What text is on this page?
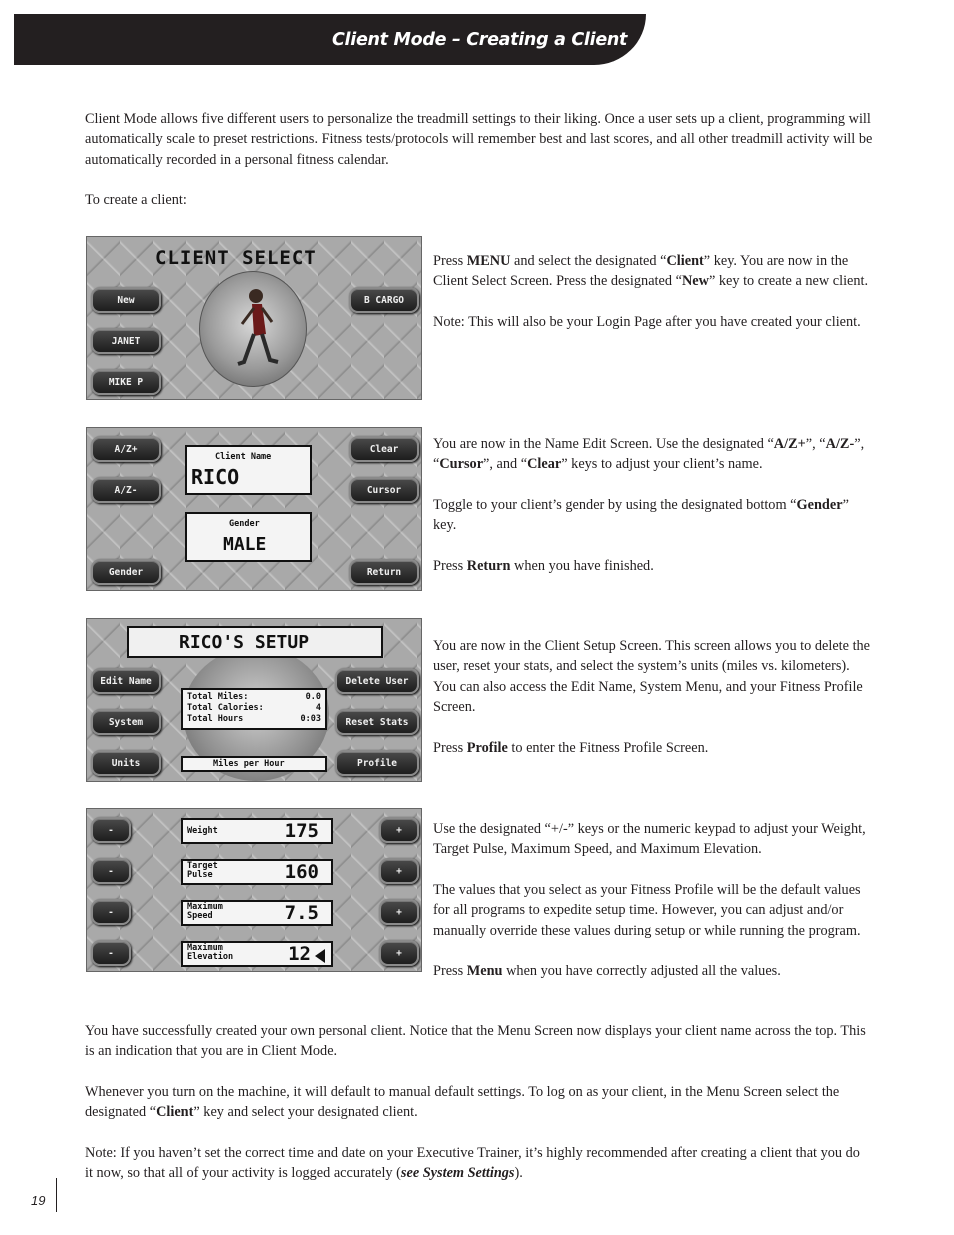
Client Mode – Creating a Client

Client Mode allows five different users to personalize the treadmill settings to their liking. Once a user sets up a client, programming will automatically scale to preset restrictions. Fitness tests/protocols will remember best and last scores, and all other treadmill activity will be automatically recorded in a personal fitness calendar.

To create a client:

CLIENT SELECT
New
JANET
MIKE P
B CARGO

Press MENU and select the designated “Client” key. You are now in the Client Select Screen. Press the designated “New” key to create a new client.

Note: This will also be your Login Page after you have created your client.

A/Z+
A/Z-
Gender
Clear
Cursor
Return
Client Name
RICO
Gender
MALE

You are now in the Name Edit Screen. Use the designated “A/Z+”, “A/Z-”, “Cursor”, and “Clear” keys to adjust your client’s name.

Toggle to your client’s gender by using the designated bottom “Gender” key.

Press Return when you have finished.

RICO'S SETUP
Edit Name
System
Units
Delete User
Reset Stats
Profile
Total Miles:	0.0
Total Calories:	4
Total Hours	0:03
Miles per Hour

You are now in the Client Setup Screen. This screen allows you to delete the user, reset your stats, and select the system’s units (miles vs. kilometers). You can also access the Edit Name, System Menu, and your Fitness Profile Screen.

Press Profile to enter the Fitness Profile Screen.

-
-
-
-
+
+
+
+
Weight	175
Target Pulse	160
Maximum Speed	7.5
Maximum Elevation	12

Use the designated “+/-” keys or the numeric keypad to adjust your Weight, Target Pulse, Maximum Speed, and Maximum Elevation.

The values that you select as your Fitness Profile will be the default values for all programs to expedite setup time. However, you can adjust and/or manually override these values during setup or while running the program.

Press Menu when you have correctly adjusted all the values.

You have successfully created your own personal client. Notice that the Menu Screen now displays your client name across the top. This is an indication that you are in Client Mode.

Whenever you turn on the machine, it will default to manual default settings. To log on as your client, in the Menu Screen select the designated “Client” key and select your designated client.

Note: If you haven’t set the correct time and date on your Executive Trainer, it’s highly recommended after creating a client that you do it now, so that all of your activity is logged accurately (see System Settings).

19
